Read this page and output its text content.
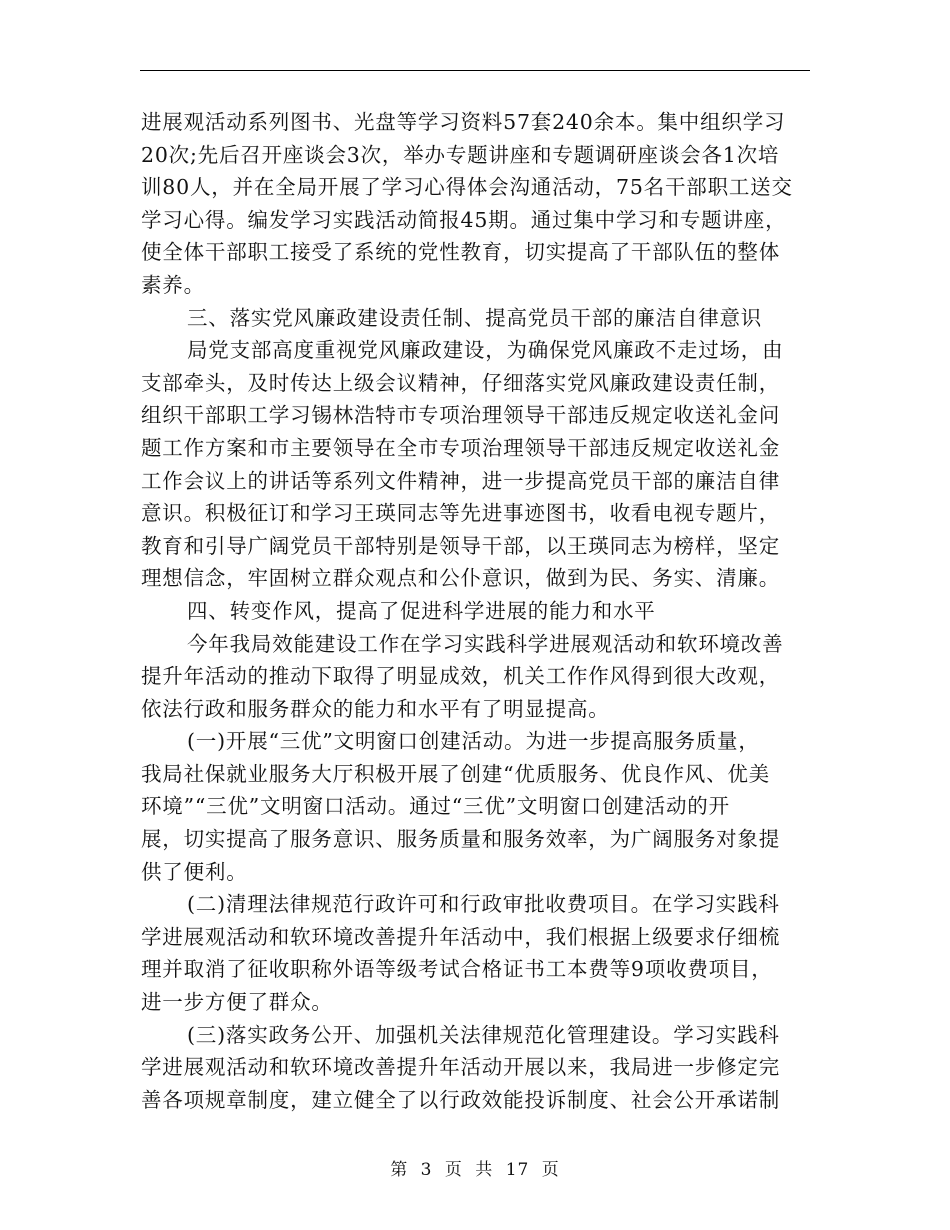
进展观活动系列图书、光盘等学习资料57套240余本。集中组织学习
20次;先后召开座谈会3次，举办专题讲座和专题调研座谈会各1次培
训80人，并在全局开展了学习心得体会沟通活动，75名干部职工送交
学习心得。编发学习实践活动简报45期。通过集中学习和专题讲座，
使全体干部职工接受了系统的党性教育，切实提高了干部队伍的整体
素养。
三、落实党风廉政建设责任制、提高党员干部的廉洁自律意识
局党支部高度重视党风廉政建设，为确保党风廉政不走过场，由
支部牵头，及时传达上级会议精神，仔细落实党风廉政建设责任制，
组织干部职工学习锡林浩特市专项治理领导干部违反规定收送礼金问
题工作方案和市主要领导在全市专项治理领导干部违反规定收送礼金
工作会议上的讲话等系列文件精神，进一步提高党员干部的廉洁自律
意识。积极征订和学习王瑛同志等先进事迹图书，收看电视专题片，
教育和引导广阔党员干部特别是领导干部，以王瑛同志为榜样，坚定
理想信念，牢固树立群众观点和公仆意识，做到为民、务实、清廉。
四、转变作风，提高了促进科学进展的能力和水平
今年我局效能建设工作在学习实践科学进展观活动和软环境改善
提升年活动的推动下取得了明显成效，机关工作作风得到很大改观，
依法行政和服务群众的能力和水平有了明显提高。
(一)开展“三优”文明窗口创建活动。为进一步提高服务质量，
我局社保就业服务大厅积极开展了创建“优质服务、优良作风、优美
环境”“三优”文明窗口活动。通过“三优”文明窗口创建活动的开
展，切实提高了服务意识、服务质量和服务效率，为广阔服务对象提
供了便利。
(二)清理法律规范行政许可和行政审批收费项目。在学习实践科
学进展观活动和软环境改善提升年活动中，我们根据上级要求仔细梳
理并取消了征收职称外语等级考试合格证书工本费等9项收费项目，
进一步方便了群众。
(三)落实政务公开、加强机关法律规范化管理建设。学习实践科
学进展观活动和软环境改善提升年活动开展以来，我局进一步修定完
善各项规章制度，建立健全了以行政效能投诉制度、社会公开承诺制
第 3 页 共 17 页
